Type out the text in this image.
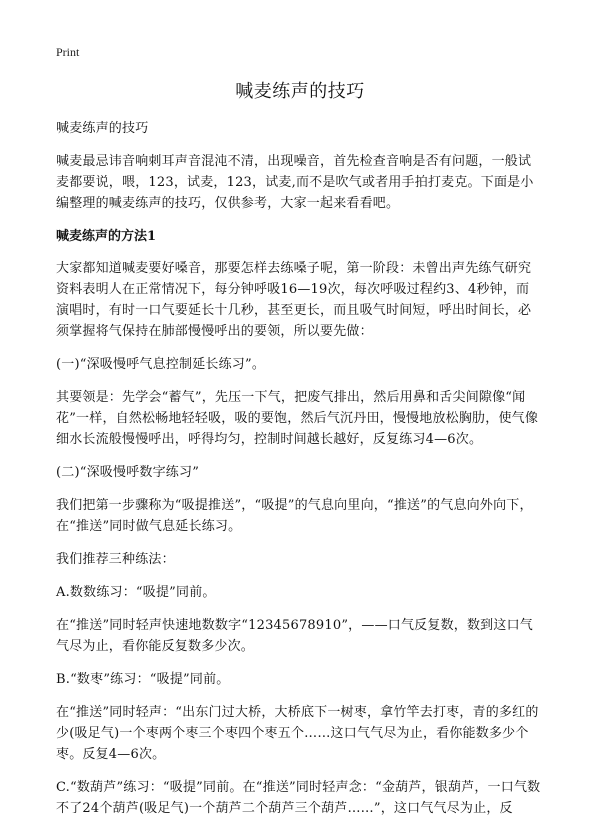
Print
喊麦练声的技巧

喊麦练声的技巧

喊麦最忌讳音响刺耳声音混沌不清，出现噪音，首先检查音响是否有问题，一般试麦都要说，喂，123，试麦，123，试麦,而不是吹气或者用手拍打麦克。下面是小编整理的喊麦练声的技巧，仅供参考，大家一起来看看吧。

喊麦练声的方法1

大家都知道喊麦要好嗓音，那要怎样去练嗓子呢，第一阶段：未曾出声先练气研究资料表明人在正常情况下，每分钟呼吸16—19次，每次呼吸过程约3、4秒钟，而演唱时，有时一口气要延长十几秒，甚至更长，而且吸气时间短，呼出时间长，必须掌握将气保持在肺部慢慢呼出的要领，所以要先做：

(一)“深吸慢呼气息控制延长练习”。

其要领是：先学会“蓄气”，先压一下气，把废气排出，然后用鼻和舌尖间隙像“闻花”一样，自然松畅地轻轻吸，吸的要饱，然后气沉丹田，慢慢地放松胸肋，使气像细水长流般慢慢呼出，呼得均匀，控制时间越长越好，反复练习4—6次。

(二)“深吸慢呼数字练习”

我们把第一步骤称为“吸提推送”，“吸提”的气息向里向，“推送”的气息向外向下，在“推送”同时做气息延长练习。

我们推荐三种练法：

A.数数练习：“吸提”同前。

在“推送”同时轻声快速地数数字“12345678910”，——口气反复数，数到这口气气尽为止，看你能反复数多少次。

B.“数枣”练习：“吸提”同前。

在“推送”同时轻声：“出东门过大桥，大桥底下一树枣，拿竹竿去打枣，青的多红的少(吸足气)一个枣两个枣三个枣四个枣五个……这口气气尽为止，看你能数多少个枣。反复4—6次。

C.“数葫芦”练习：“吸提”同前。在“推送”同时轻声念：“金葫芦，银葫芦，一口气数不了24个葫芦(吸足气)一个葫芦二个葫芦三个葫芦……”，这口气气尽为止，反
